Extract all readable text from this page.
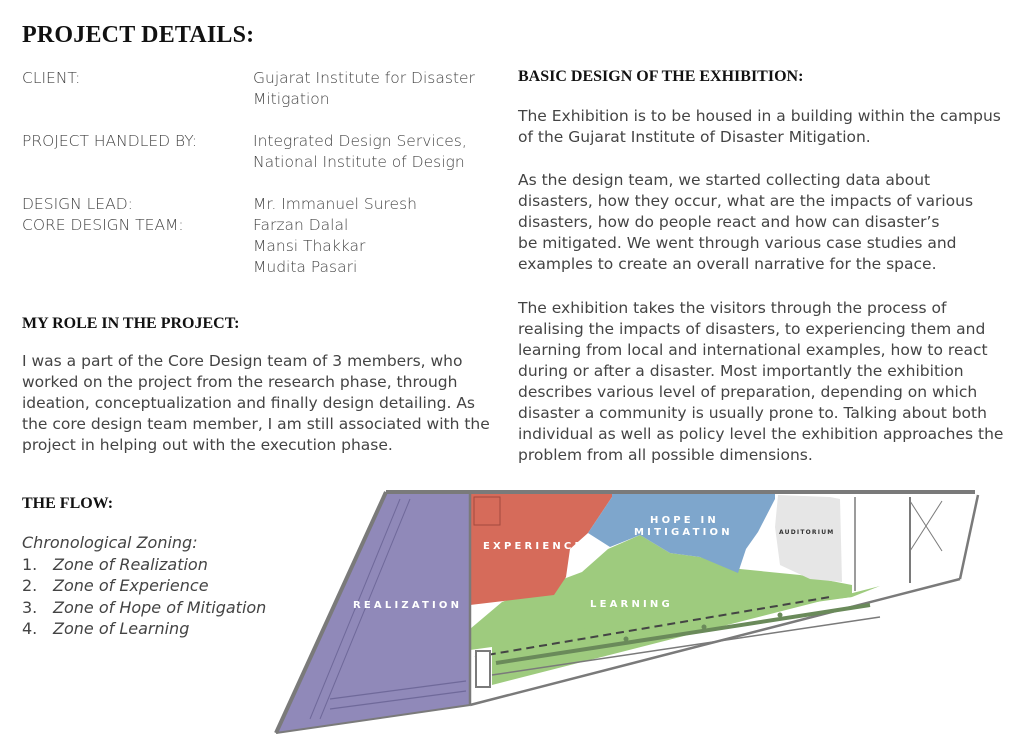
PROJECT DETAILS:
CLIENT:	Gujarat Institute for Disaster
Mitigation
PROJECT HANDLED BY:	Integrated Design Services,
National Institute of Design
DESIGN LEAD:	Mr. Immanuel Suresh
CORE DESIGN TEAM:	Farzan Dalal
Mansi Thakkar
Mudita Pasari
MY ROLE IN THE PROJECT:

I was a part of the Core Design team of 3 members, who
worked on the project from the research phase, through
ideation, conceptualization and finally design detailing. As
the core design team member, I am still associated with the
project in helping out with the execution phase.

THE FLOW:
Chronological Zoning:
1. Zone of Realization
2. Zone of Experience
3. Zone of Hope of Mitigation
4. Zone of Learning
BASIC DESIGN OF THE EXHIBITION:

The Exhibition is to be housed in a building within the campus
of the Gujarat Institute of Disaster Mitigation.

As the design team, we started collecting data about
disasters, how they occur, what are the impacts of various
disasters, how do people react and how can disaster’s
be mitigated. We went through various case studies and
examples to create an overall narrative for the space.

The exhibition takes the visitors through the process of
realising the impacts of disasters, to experiencing them and
learning from local and international examples, how to react
during or after a disaster. Most importantly the exhibition
describes various level of preparation, depending on which
disaster a community is usually prone to. Talking about both
individual as well as policy level the exhibition approaches the
problem from all possible dimensions.

REALIZATION
EXPERIENCE
HOPE IN
MITIGATION
LEARNING
AUDITORIUM
